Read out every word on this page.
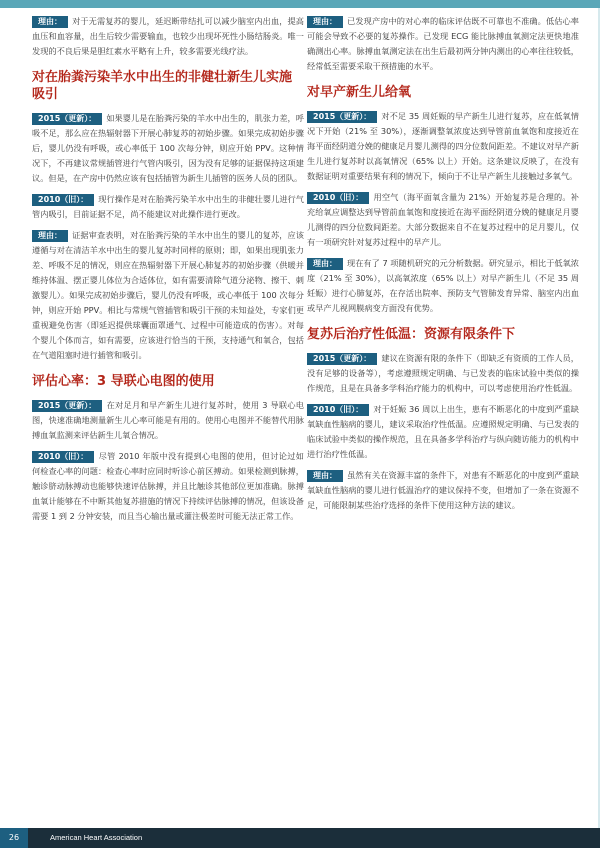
理由： 对于无需复苏的婴儿，延迟断带结扎可以减少脑室内出血，提高血压和血容量，出生后较少需要输血，也较少出现坏死性小肠结肠炎。唯一发现的不良后果是胆红素水平略有上升，较多需要光线疗法。

对在胎粪污染羊水中出生的非健壮新生儿实施吸引

2015（更新）： 如果婴儿是在胎粪污染的羊水中出生的，肌张力差，呼吸不足，那么应在热辐射器下开展心肺复苏的初始步骤。如果完成初始步骤后，婴儿仍没有呼吸，或心率低于 100 次每分钟，则应开始 PPV。这种情况下，不再建议常规插管进行气管内吸引，因为没有足够的证据保持这项建议。但是，在产房中仍然应该有包括插管为新生儿插管的医务人员的团队。

2010（旧）： 现行操作是对在胎粪污染羊水中出生的非健壮婴儿进行气管内吸引，目前证据不足，尚不能建议对此操作进行更改。

理由： 证据审查表明，对在胎粪污染的羊水中出生的婴儿的复苏，应该遵循与对在清洁羊水中出生的婴儿复苏时同样的原则；即，如果出现肌张力差、呼吸不足的情况，则应在热辐射器下开展心肺复苏的初始步骤（供暖并维持体温、摆正婴儿体位为合适体位，如有需要清除气道分泌物、擦干、刺激婴儿）。如果完成初始步骤后，婴儿仍没有呼吸，或心率低于 100 次每分钟，则应开始 PPV。相比与常规气管插管和吸引干预的未知益处，专家们更重视避免伤害（即延迟提供球囊面罩通气、过程中可能造成的伤害）。对每个婴儿个体而言，如有需要，应该进行恰当的干预，支持通气和氧合，包括在气道阻塞时进行插管和吸引。

评估心率：3 导联心电图的使用

2015（更新）： 在对足月和早产新生儿进行复苏时，使用 3 导联心电图，快速准确地测量新生儿心率可能是有用的。使用心电图并不能替代用脉搏血氧监测来评估新生儿氧合情况。

2010（旧）： 尽管 2010 年版中没有提到心电图的使用，但讨论过如何检查心率的问题：检查心率时应同时听诊心前区搏动。如果检测到脉搏，触诊脐动脉搏动也能够快速评估脉搏，并且比触诊其他部位更加准确。脉搏血氧计能够在不中断其他复苏措施的情况下持续评估脉搏的情况，但该设备需要 1 到 2 分钟安装，而且当心输出量或灌注极差时可能无法正常工作。

理由： 已发现产房中的对心率的临床评估既不可靠也不准确。低估心率可能会导致不必要的复苏操作。已发现 ECG 能比脉搏血氧测定法更快地准确测出心率。脉搏血氧测定法在出生后最初两分钟内测出的心率往往较低，经常低至需要采取干预措施的水平。

对早产新生儿给氧

2015（更新）： 对不足 35 周妊娠的早产新生儿进行复苏，应在低氧情况下开始（21% 至 30%），逐渐调整氧浓度达到导管前血氧饱和度接近在海平面经阴道分娩的健康足月婴儿测得的四分位数间距差。不建议对早产新生儿进行复苏时以高氧情况（65% 以上）开始。这条建议反映了，在没有数据证明对重要结果有利的情况下，倾向于不让早产新生儿接触过多氧气。

2010（旧）： 用空气（海平面氧含量为 21%）开始复苏是合理的。补充给氧应调整达到导管前血氧饱和度接近在海平面经阴道分娩的健康足月婴儿测得的四分位数间距差。大部分数据来自不在复苏过程中的足月婴儿，仅有一项研究针对复苏过程中的早产儿。

理由： 现在有了 7 项随机研究的元分析数据。研究显示，相比于低氧浓度（21% 至 30%），以高氧浓度（65% 以上）对早产新生儿（不足 35 周妊娠）进行心肺复苏，在存活出院率、预防支气管肺发育异常、脑室内出血或早产儿视网膜病变方面没有优势。

复苏后治疗性低温：资源有限条件下

2015（更新）： 建议在资源有限的条件下（即缺乏有资质的工作人员，没有足够的设备等），考虑遵照规定明确、与已发表的临床试验中类似的操作规范，且是在具备多学科治疗能力的机构中，可以考虑使用治疗性低温。

2010（旧）： 对于妊娠 36 周以上出生，患有不断恶化的中度到严重缺氧缺血性脑病的婴儿，建议采取治疗性低温。应遵照规定明确、与已发表的临床试验中类似的操作规范，且在具备多学科治疗与纵向随访能力的机构中进行治疗性低温。

理由： 虽然有关在资源丰富的条件下，对患有不断恶化的中度到严重缺氧缺血性脑病的婴儿进行低温治疗的建议保持不变，但增加了一条在资源不足，可能限制某些治疗选择的条件下使用这种方法的建议。

26	American Heart Association
